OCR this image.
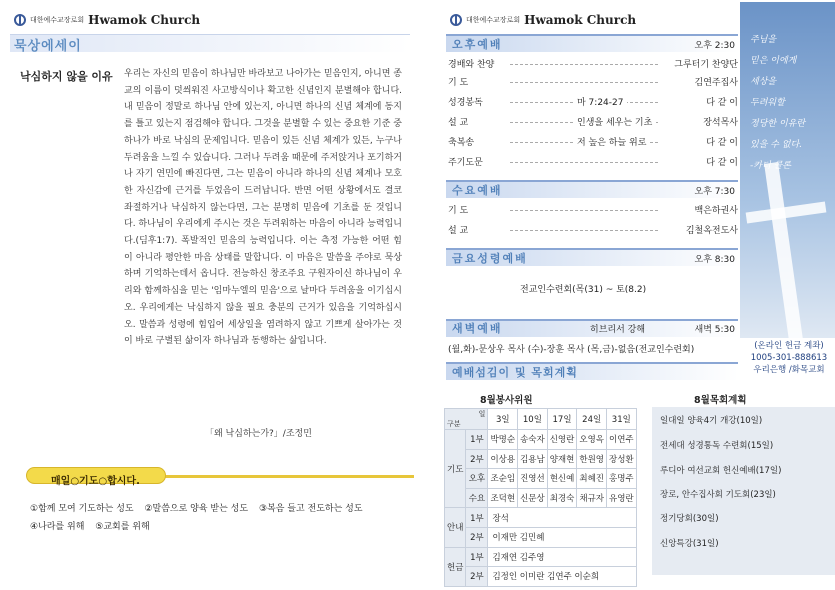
대한예수교장로회 Hwamok Church
묵상에세이
낙심하지 않을 이유 우리는 자신의 믿음이 하나님만 바라보고 나아가는 믿음인지, 아니면 종교의 이름이 덧씌워진 사고방식이나 확고한 신념인지 분별해야 합니다. 내 믿음이 정말로 하나님 안에 있는지, 아니면 하나의 신념 체계에 동지를 틀고 있는지 점검해야 합니다. 그것을 분별할 수 있는 중요한 기준 중 하나가 바로 낙심의 문제입니다. 믿음이 있든 신념 체계가 있든, 누구나 두려움을 느낄 수 있습니다. 그러나 두려움 때문에 주저앉거나 포기하거나 자기 연민에 빠진다면, 그는 믿음이 아니라 하나의 신념 체계나 모호한 자신감에 근거를 두었음이 드러납니다. 반면 어떤 상황에서도 결코 좌절하거나 낙심하지 않는다면, 그는 분명히 믿음에 기초를 둔 것입니다. 하나님이 우리에게 주시는 것은 두려워하는 마음이 아니라 능력입니다.(딤후1:7). 폭발적인 믿음의 능력입니다. 이는 측정 가능한 어떤 힘이 아니라 평안한 마음 상태를 말합니다. 이 마음은 말씀을 주야로 묵상하며 기억하는데서 옵니다. 전능하신 창조주요 구원자이신 하나님이 우리와 함께하심을 믿는 '임마누엘의 믿음'으로 날마다 두려움을 이기십시오. 우리에게는 낙심하지 않을 필요 충분의 근거가 있음을 기억하십시오. 말씀과 성령에 힘입어 세상일을 염려하지 않고 기쁘게 살아가는 것이 바로 구별된 삶이자 하나님과 동행하는 삶입니다.
「왜 낙심하는가?」/조정민
매일○기도○합시다.
①함께 모여 기도하는 성도 ②말씀으로 양육 받는 성도 ③복음 들고 전도하는 성도
④나라를 위해 ⑤교회를 위해
대한예수교장로회 Hwamok Church
오후예배	오후 2:30
경배와 찬양	그루터기 찬양단
기 도	김연주집사
성경봉독	마 7:24-27	다 같 이
설 교	인생을 세우는 기초	장석목사
축복송	저 높은 하늘 위로	다 같 이
주기도문	다 같 이
수요예배	오후 7:30
기 도	백은하권사
설 교	김철옥전도사
금요성령예배	오후 8:30
전교인수련회(목(31) ~ 토(8.2)
새벽예배	히브리서 강해	새벽 5:30
(월,화)-문상우 목사 (수)-장훈 목사 (목,금)-없음(전교인수련회)
예배섬김이 및 목회계획
주님을
믿은 이에게
세상을
두려워할
정당한 이유란
있을 수 없다.
-카터 콜론
(온라인 헌금 계좌)
1005-301-888613
우리은행 /화목교회
8월봉사위원
일
구분		3일	10일	17일	24일	31일
기도	1부	박명순	송숙자	신영란	오영옥	이연주
	2부	이상용	김용남	양재현	한원영	장성환
	오후	조순임	진영선	현신예	최혜진	홍명주
	수요	조덕현	신문상	최경숙	채규자	유영란
안내	1부	장석				
	2부	이재만 김민혜				
헌금	1부	김재연 김주영				
	2부	김정인 이미란 김연주 이순희				
8월목회계획
일대일 양육4기 개강(10일)
전세대 성경통독 수련회(15일)
루디아 여선교회 헌신예배(17일)
장로, 안수집사회 기도회(23일)
정기당회(30일)
신앙특강(31일)
